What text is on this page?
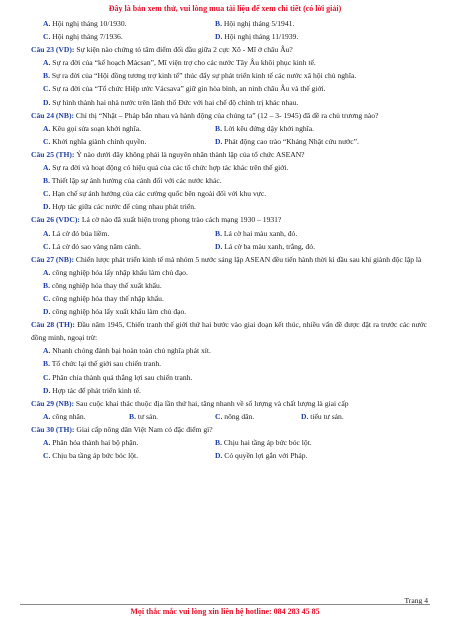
Đây là bản xem thử, vui lòng mua tài liệu để xem chi tiết (có lời giải)
A. Hội nghị tháng 10/1930.	B. Hội nghị tháng 5/1941.
C. Hội nghị tháng 7/1936.	D. Hội nghị tháng 11/1939.
Câu 23 (VD): Sự kiện nào chứng tỏ tâm điểm đối đầu giữa 2 cực Xô - Mĩ ở châu Âu?
A. Sự ra đời của “kế hoạch Mácsan”, Mĩ viện trợ cho các nước Tây Âu khôi phục kinh tế.
B. Sự ra đời của “Hội đồng tương trợ kinh tế” thúc đẩy sự phát triển kinh tế các nước xã hội chủ nghĩa.
C. Sự ra đời của “Tổ chức Hiệp ước Vácsava” giữ gìn hòa bình, an ninh châu Âu và thế giới.
D. Sự hình thành hai nhà nước trên lãnh thổ Đức với hai chế độ chính trị khác nhau.
Câu 24 (NB): Chỉ thị “Nhật – Pháp bắn nhau và hành động của chúng ta” (12 – 3- 1945) đã đề ra chủ trương nào?
A. Kêu gọi sửa soạn khởi nghĩa.	B. Lời kêu đứng dậy khởi nghĩa.
C. Khởi nghĩa giành chính quyền.	D. Phát động cao trào “Kháng Nhật cứu nước”.
Câu 25 (TH): Ý nào dưới đây không phải là nguyên nhân thành lập của tổ chức ASEAN?
A. Sự ra đời và hoạt động có hiệu quả của các tổ chức hợp tác khác trên thế giới.
B. Thiết lập sự ảnh hưởng của cảnh đối với các nước khác.
C. Hạn chế sự ảnh hưởng của các cường quốc bên ngoài đối với khu vực.
D. Hợp tác giữa các nước để cùng nhau phát triển.
Câu 26 (VDC): Lá cờ nào đã xuất hiện trong phong trào cách mạng 1930 – 1931?
A. Lá cờ đỏ búa liềm.	B. Lá cờ hai màu xanh, đỏ.
C. Lá cờ đỏ sao vàng năm cánh.	D. Lá cờ ba màu xanh, trắng, đỏ.
Câu 27 (NB): Chiến lược phát triển kinh tế mà nhóm 5 nước sáng lập ASEAN đều tiến hành thời kì đầu sau khi giành độc lập là
A. công nghiệp hóa lấy nhập khẩu làm chủ đạo.
B. công nghiệp hóa thay thế xuất khẩu.
C. công nghiệp hóa thay thế nhập khẩu.
D. công nghiệp hóa lấy xuất khẩu làm chủ đạo.
Câu 28 (TH): Đầu năm 1945, Chiến tranh thế giới thứ hai bước vào giai đoạn kết thúc, nhiều vấn đề được đặt ra trước các nước đồng minh, ngoại trừ:
A. Nhanh chóng đánh bại hoàn toàn chủ nghĩa phát xít.
B. Tổ chức lại thế giới sau chiến tranh.
C. Phân chia thành quả thắng lợi sau chiến tranh.
D. Hợp tác để phát triển kinh tế.
Câu 29 (NB): Sau cuộc khai thác thuộc địa lần thứ hai, tăng nhanh về số lượng và chất lượng là giai cấp
A. công nhân.	B. tư sản.	C. nông dân.	D. tiểu tư sản.
Câu 30 (TH): Giai cấp nông dân Việt Nam có đặc điểm gì?
A. Phân hóa thành hai bộ phận.	B. Chịu hai tầng áp bức bóc lột.
C. Chịu ba tầng áp bức bóc lột.	D. Có quyền lợi gắn với Pháp.
Trang 4
Mọi thắc mắc vui lòng xin liên hệ hotline: 084 283 45 85
